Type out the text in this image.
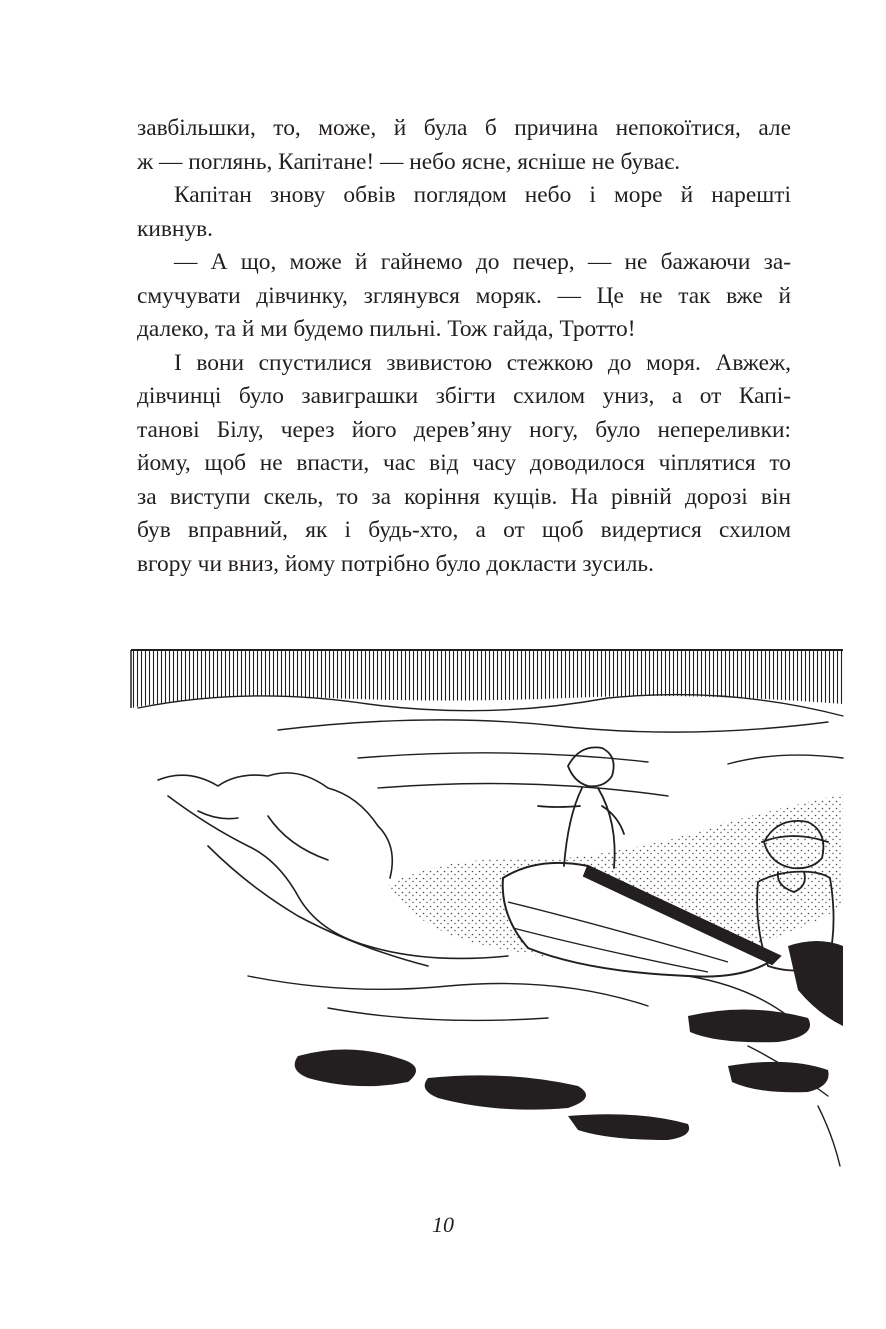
завбільшки, то, може, й була б причина непокоїтися, але
ж — поглянь, Капітане! — небо ясне, ясніше не буває.
Капітан знову обвів поглядом небо і море й нарешті
кивнув.
— А що, може й гайнемо до печер, — не бажаючи за-
смучувати дівчинку, зглянувся моряк. — Це не так вже й
далеко, та й ми будемо пильні. Тож гайда, Тротто!
І вони спустилися звивистою стежкою до моря. Авжеж,
дівчинці було завиграшки збігти схилом униз, а от Капі-
танові Білу, через його дерев’яну ногу, було непереливки:
йому, щоб не впасти, час від часу доводилося чіплятися то
за виступи скель, то за коріння кущів. На рівній дорозі він
був вправний, як і будь-хто, а от щоб видертися схилом
вгору чи вниз, йому потрібно було докласти зусиль.
10
